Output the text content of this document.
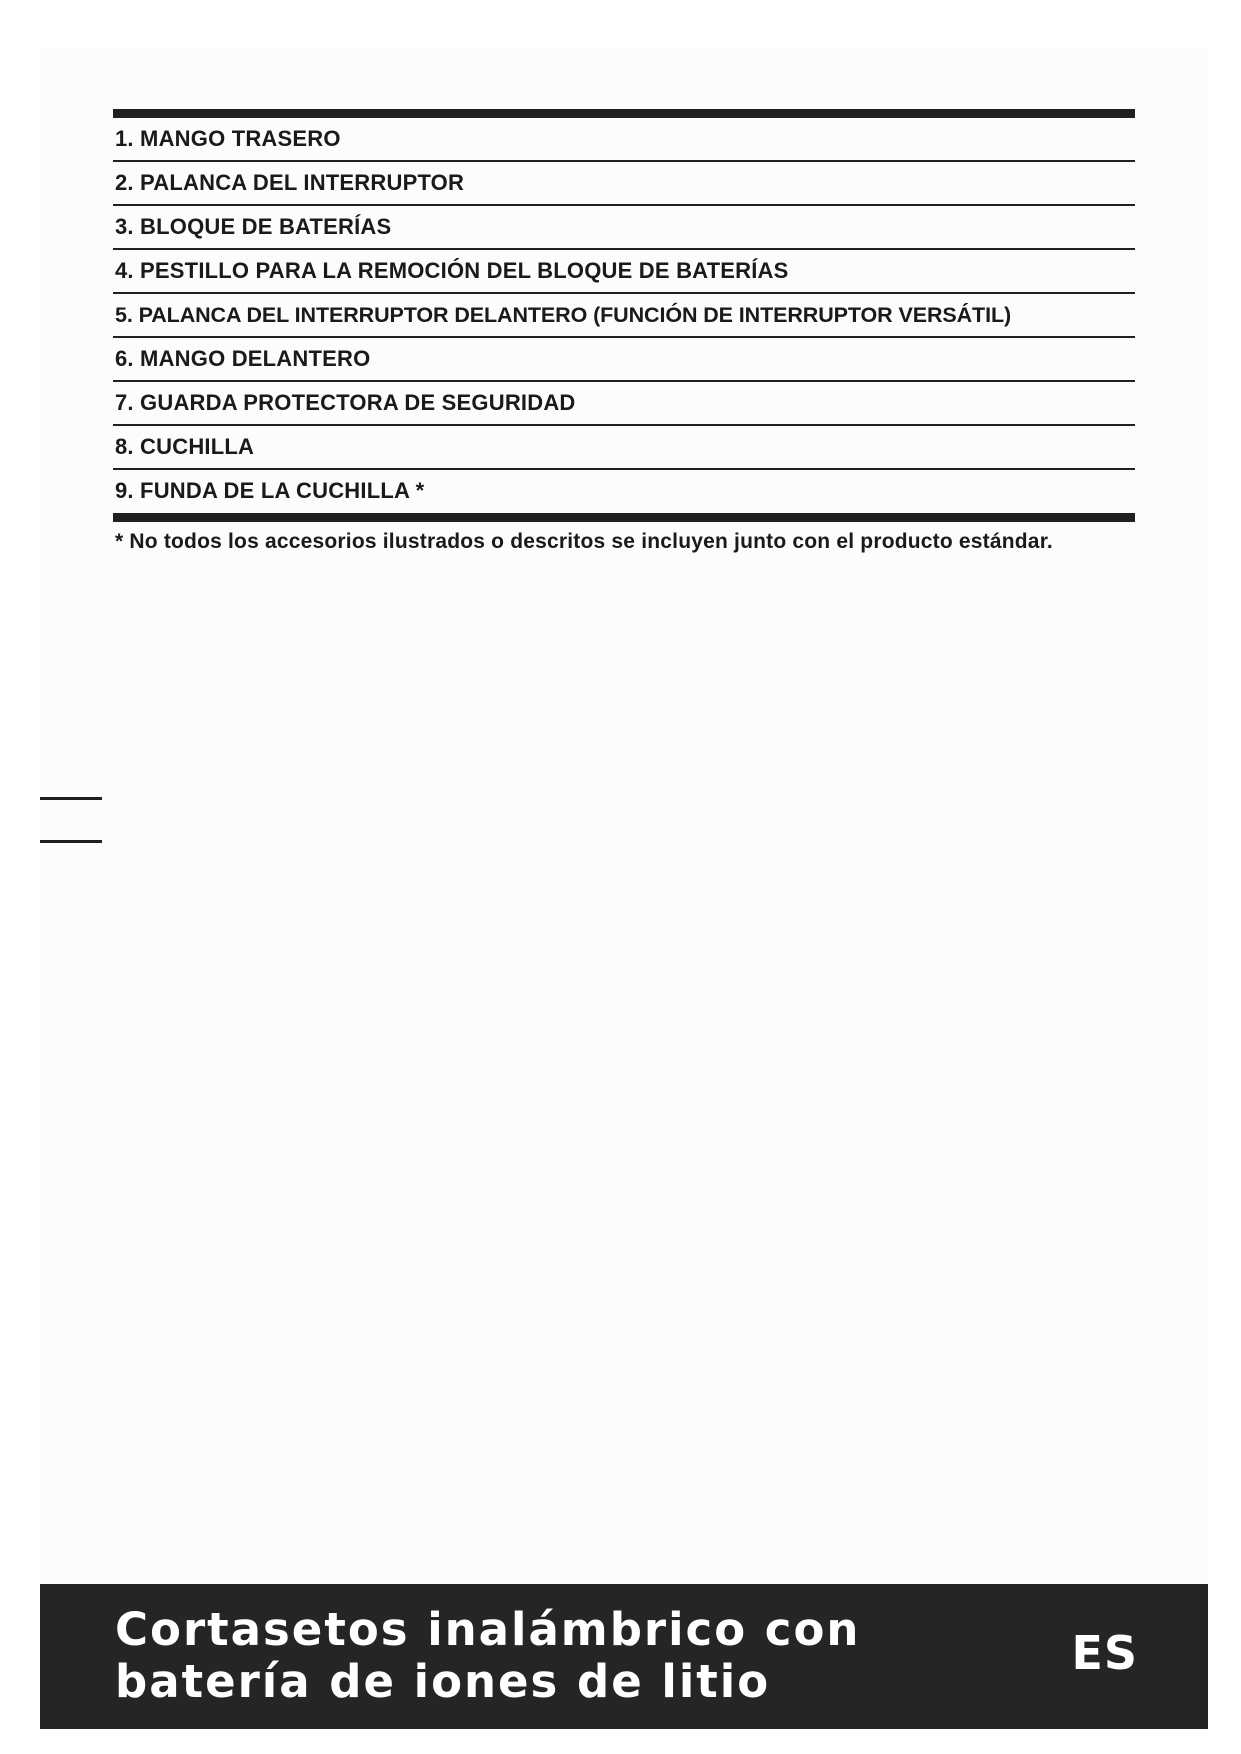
1. MANGO TRASERO
2. PALANCA DEL INTERRUPTOR
3. BLOQUE DE BATERÍAS
4. PESTILLO PARA LA REMOCIÓN DEL BLOQUE DE BATERÍAS
5. PALANCA DEL INTERRUPTOR DELANTERO (FUNCIÓN DE INTERRUPTOR VERSÁTIL)
6. MANGO DELANTERO
7. GUARDA PROTECTORA DE SEGURIDAD
8. CUCHILLA
9. FUNDA DE LA CUCHILLA *

* No todos los accesorios ilustrados o descritos se incluyen junto con el producto estándar.

Cortasetos inalámbrico con
batería de iones de litio
ES
